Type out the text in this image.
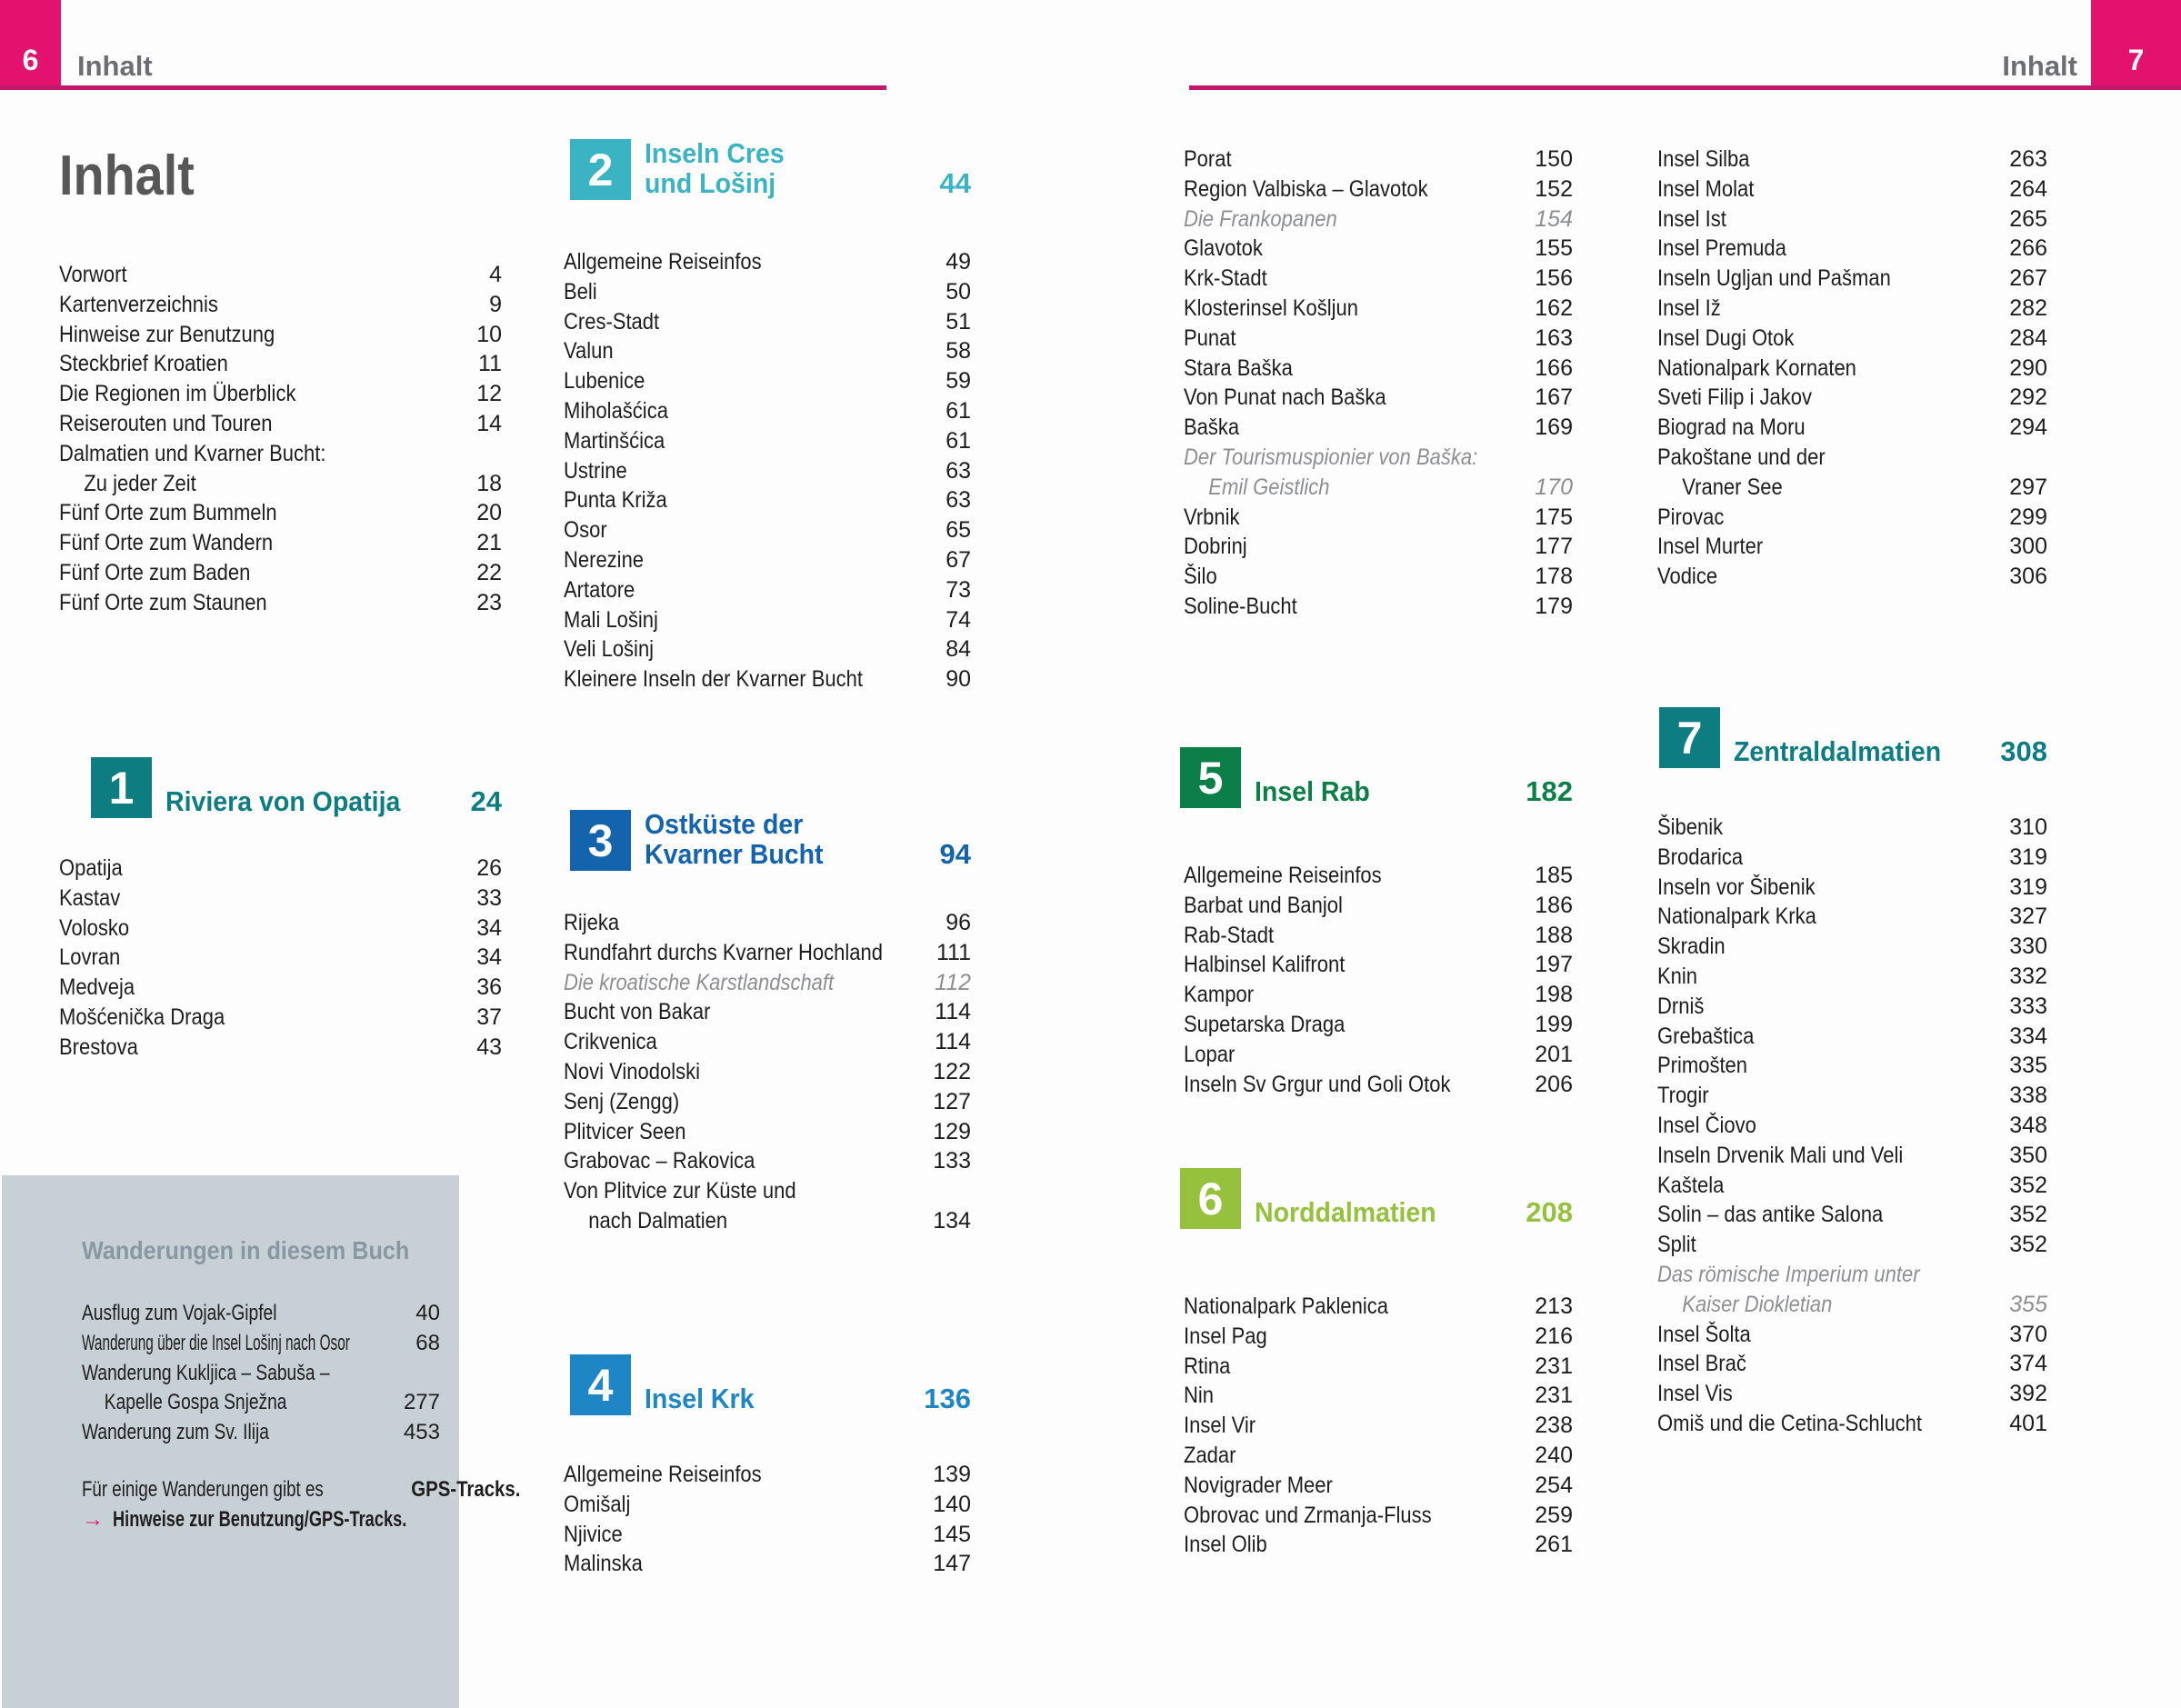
6 Inhalt	Inhalt 7
Inhalt
Vorwort	4
Kartenverzeichnis	9
Hinweise zur Benutzung	10
Steckbrief Kroatien	11
Die Regionen im Überblick	12
Reiserouten und Touren	14
Dalmatien und Kvarner Bucht:
Zu jeder Zeit	18
Fünf Orte zum Bummeln	20
Fünf Orte zum Wandern	21
Fünf Orte zum Baden	22
Fünf Orte zum Staunen	23
1 Riviera von Opatija 24
Opatija	26
Kastav	33
Volosko	34
Lovran	34
Medveja	36
Mošćenička Draga	37
Brestova	43
Wanderungen in diesem Buch
Ausflug zum Vojak-Gipfel	40
Wanderung über die Insel Lošinj nach Osor	68
Wanderung Kukljica – Sabuša –
Kapelle Gospa Snježna	277
Wanderung zum Sv. Ilija	453
Für einige Wanderungen gibt es	GPS-Tracks.
→ Hinweise zur Benutzung/GPS-Tracks.
2 Inseln Cres
und Lošinj	44
Allgemeine Reiseinfos	49
Beli	50
Cres-Stadt	51
Valun	58
Lubenice	59
Miholašćica	61
Martinšćica	61
Ustrine	63
Punta Križa	63
Osor	65
Nerezine	67
Artatore	73
Mali Lošinj	74
Veli Lošinj	84
Kleinere Inseln der Kvarner Bucht	90
3 Ostküste der
Kvarner Bucht	94
Rijeka	96
Rundfahrt durchs Kvarner Hochland 111
Die kroatische Karstlandschaft	112
Bucht von Bakar	114
Crikvenica	114
Novi Vinodolski	122
Senj (Zengg)	127
Plitvicer Seen	129
Grabovac – Rakovica	133
Von Plitvice zur Küste und
nach Dalmatien	134
4 Insel Krk	136
Allgemeine Reiseinfos	139
Omišalj	140
Njivice	145
Malinska	147
Porat	150
Region Valbiska – Glavotok	152
Die Frankopanen	154
Glavotok	155
Krk-Stadt	156
Klosterinsel Košljun	162
Punat	163
Stara Baška	166
Von Punat nach Baška	167
Baška	169
Der Tourismuspionier von Baška:
Emil Geistlich	170
Vrbnik	175
Dobrinj	177
Šilo	178
Soline-Bucht	179
5 Insel Rab	182
Allgemeine Reiseinfos	185
Barbat und Banjol	186
Rab-Stadt	188
Halbinsel Kalifront	197
Kampor	198
Supetarska Draga	199
Lopar	201
Inseln Sv Grgur und Goli Otok	206
6 Norddalmatien	208
Nationalpark Paklenica	213
Insel Pag	216
Rtina	231
Nin	231
Insel Vir	238
Zadar	240
Novigrader Meer	254
Obrovac und Zrmanja-Fluss	259
Insel Olib	261
Insel Silba	263
Insel Molat	264
Insel Ist	265
Insel Premuda	266
Inseln Ugljan und Pašman	267
Insel Iž	282
Insel Dugi Otok	284
Nationalpark Kornaten	290
Sveti Filip i Jakov	292
Biograd na Moru	294
Pakoštane und der
Vraner See	297
Pirovac	299
Insel Murter	300
Vodice	306
7 Zentraldalmatien 308
Šibenik	310
Brodarica	319
Inseln vor Šibenik	319
Nationalpark Krka	327
Skradin	330
Knin	332
Drniš	333
Grebaštica	334
Primošten	335
Trogir	338
Insel Čiovo	348
Inseln Drvenik Mali und Veli	350
Kaštela	352
Solin – das antike Salona	352
Split	352
Das römische Imperium unter
Kaiser Diokletian	355
Insel Šolta	370
Insel Brač	374
Insel Vis	392
Omiš und die Cetina-Schlucht	401
